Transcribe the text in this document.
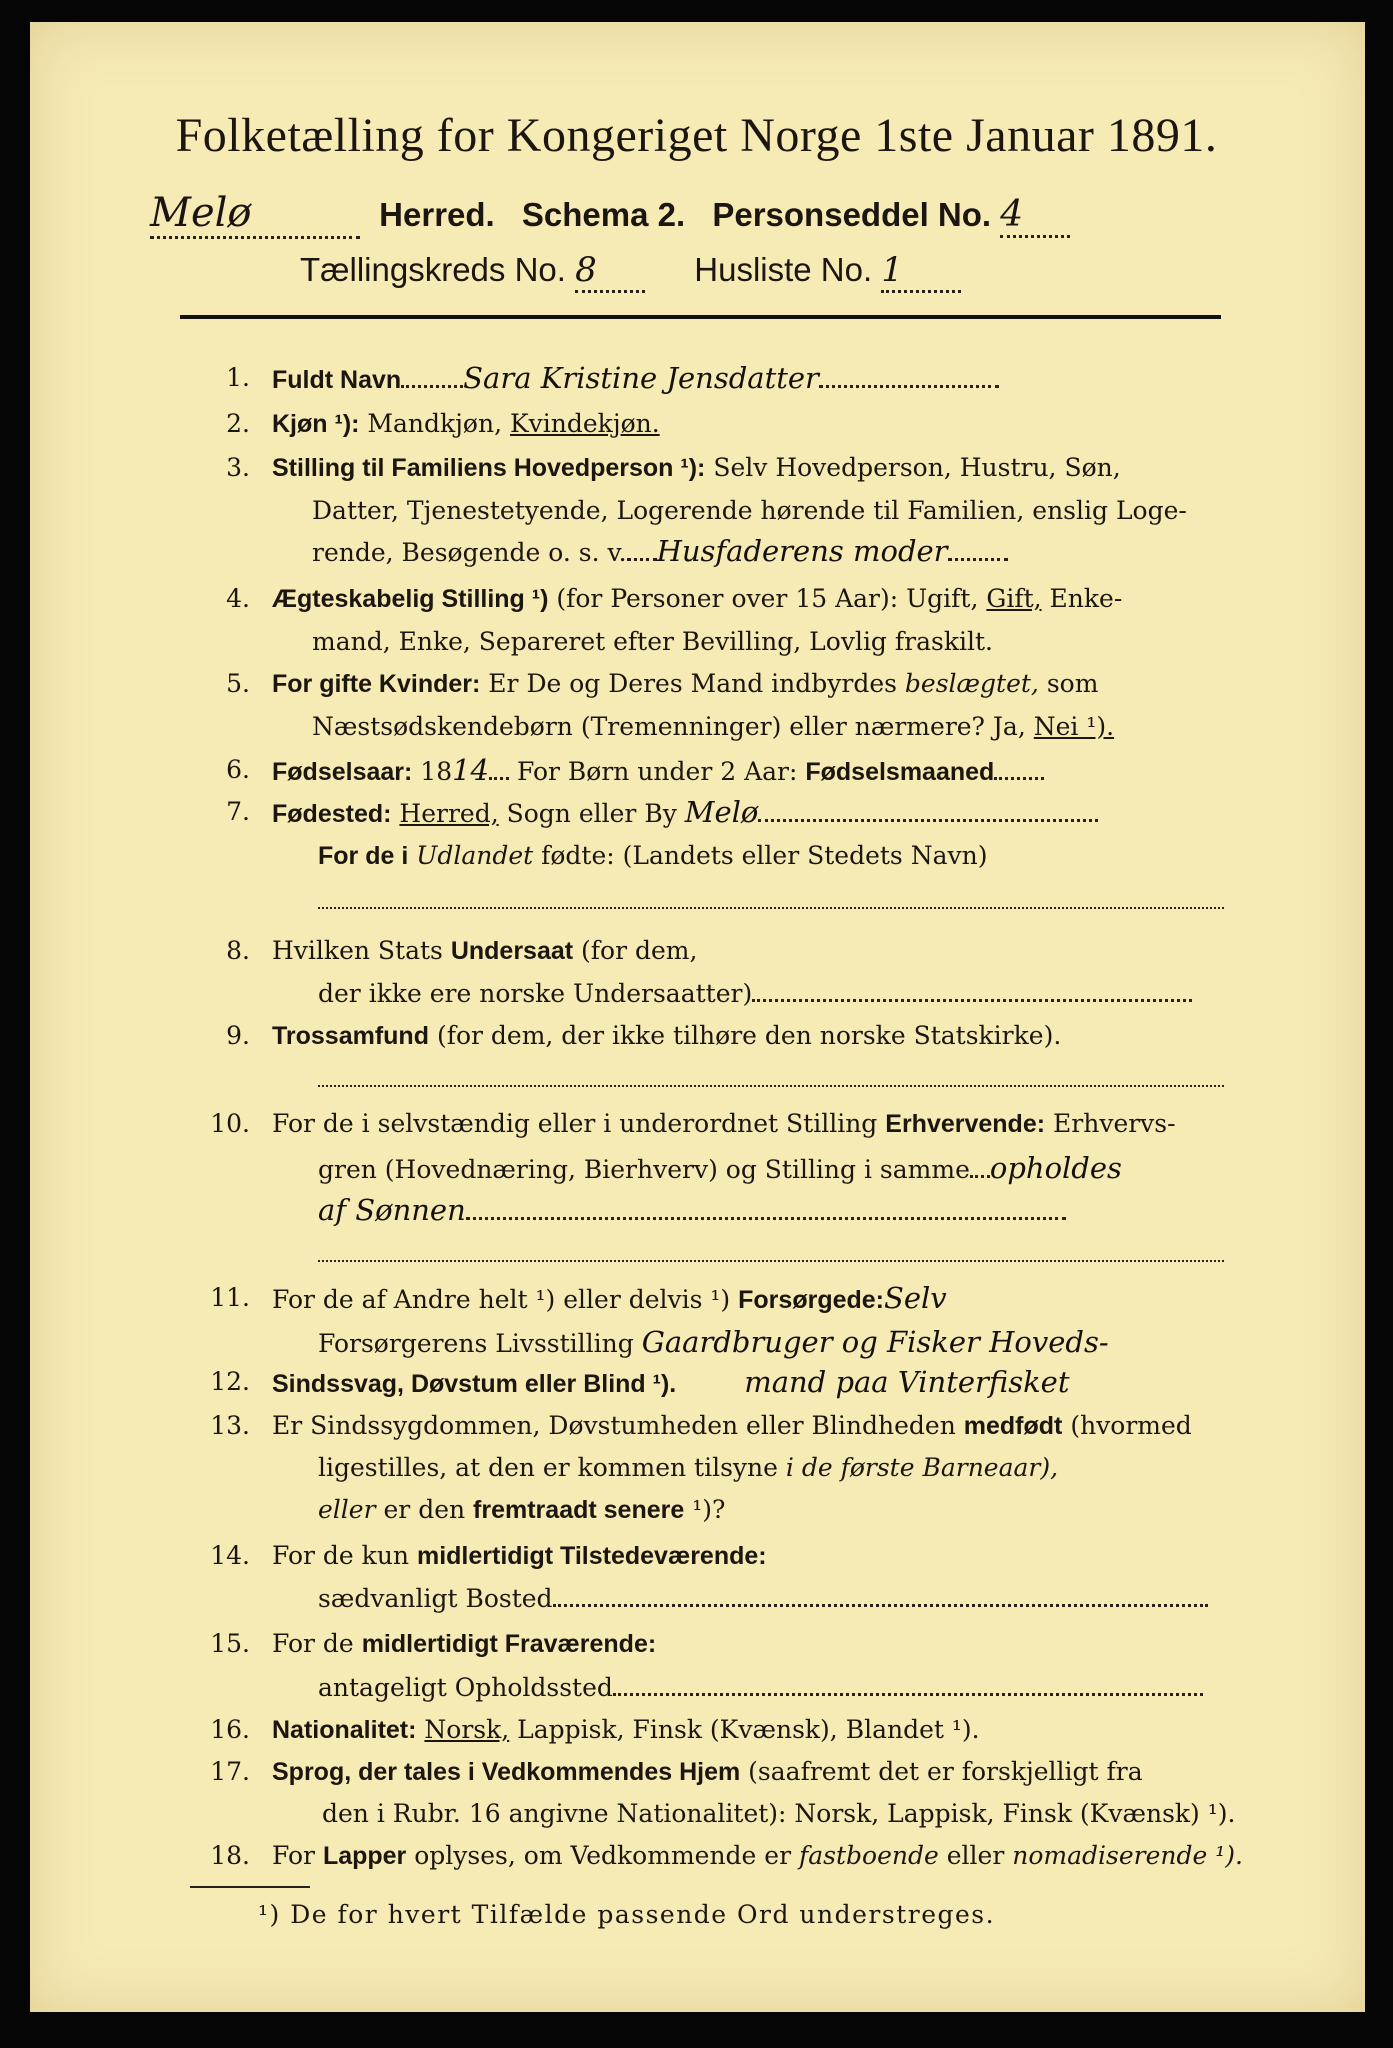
Folketælling for Kongeriget Norge 1ste Januar 1891.
Melø	Herred. Schema 2. Personseddel No. 4
Tællingskreds No. 8	Husliste No. 1
1. Fuldt Navn Sara Kristine Jensdatter
2. Kjøn ¹): Mandkjøn, Kvindekjøn.
3. Stilling til Familiens Hovedperson ¹): Selv Hovedperson, Hustru, Søn,
Datter, Tjenestetyende, Logerende hørende til Familien, enslig Loge-
rende, Besøgende o. s. v. Husfaderens moder
4. Ægteskabelig Stilling ¹) (for Personer over 15 Aar): Ugift, Gift, Enke-
mand, Enke, Separeret efter Bevilling, Lovlig fraskilt.
5. For gifte Kvinder: Er De og Deres Mand indbyrdes beslægtet, som
Næstsødskendebørn (Tremenninger) eller nærmere? Ja, Nei ¹).
6. Fødselsaar: 1814 For Børn under 2 Aar: Fødselsmaaned
7. Fødested: Herred, Sogn eller By Melø
For de i Udlandet fødte: (Landets eller Stedets Navn)
8. Hvilken Stats Undersaat (for dem,
der ikke ere norske Undersaatter)
9. Trossamfund (for dem, der ikke tilhøre den norske Statskirke).
10. For de i selvstændig eller i underordnet Stilling Erhvervende: Erhvervs-
gren (Hovednæring, Bierhverv) og Stilling i samme opholdes
af Sønnen
11. For de af Andre helt ¹) eller delvis ¹) Forsørgede:Selv
Forsørgerens Livsstilling Gaardbruger og Fisker Hoveds-
12. Sindssvag, Døvstum eller Blind ¹). mand paa Vinterfisket
13. Er Sindssygdommen, Døvstumheden eller Blindheden medfødt (hvormed
ligestilles, at den er kommen tilsyne i de første Barneaar),
eller er den fremtraadt senere ¹)?
14. For de kun midlertidigt Tilstedeværende:
sædvanligt Bosted
15. For de midlertidigt Fraværende:
antageligt Opholdssted
16. Nationalitet: Norsk, Lappisk, Finsk (Kvænsk), Blandet ¹).
17. Sprog, der tales i Vedkommendes Hjem (saafremt det er forskjelligt fra
den i Rubr. 16 angivne Nationalitet): Norsk, Lappisk, Finsk (Kvænsk) ¹).
18. For Lapper oplyses, om Vedkommende er fastboende eller nomadiserende ¹).
¹) De for hvert Tilfælde passende Ord understreges.
